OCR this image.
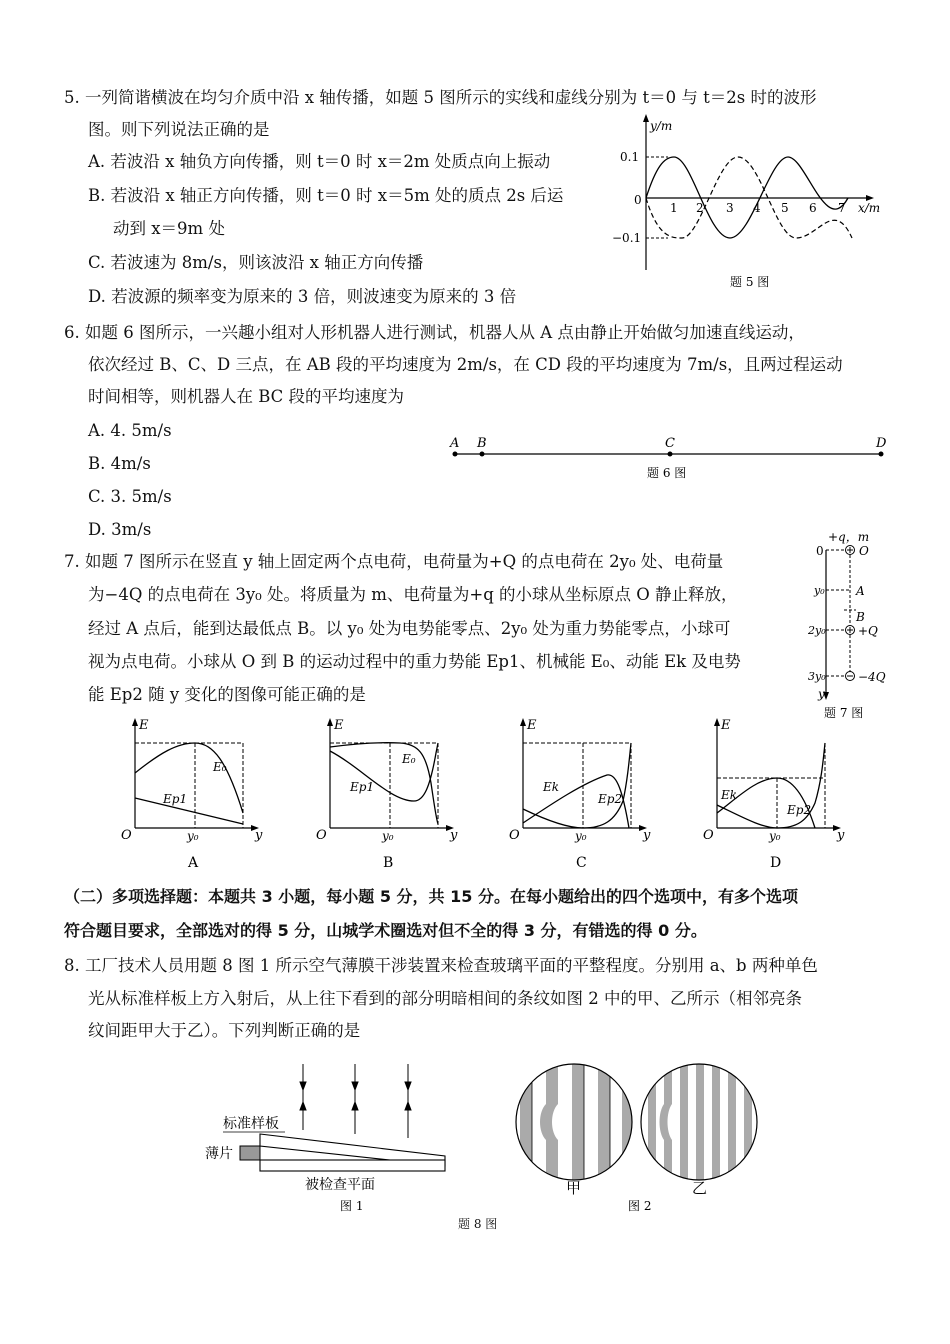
5. 一列简谐横波在均匀介质中沿 x 轴传播，如题 5 图所示的实线和虚线分别为 t＝0 与 t＝2s 时的波形
图。则下列说法正确的是
A. 若波沿 x 轴负方向传播，则 t＝0 时 x＝2m 处质点向上振动
B. 若波沿 x 轴正方向传播，则 t＝0 时 x＝5m 处的质点 2s 后运
动到 x＝9m 处
C. 若波速为 8m/s，则该波沿 x 轴正方向传播
D. 若波源的频率变为原来的 3 倍，则波速变为原来的 3 倍
y/m
x/m
0
0.1
−0.1
1 2 3 4 5 6 7
题 5 图
6. 如题 6 图所示，一兴趣小组对人形机器人进行测试，机器人从 A 点由静止开始做匀加速直线运动，
依次经过 B、C、D 三点，在 AB 段的平均速度为 2m/s，在 CD 段的平均速度为 7m/s，且两过程运动
时间相等，则机器人在 BC 段的平均速度为
A. 4. 5m/s
B. 4m/s
C. 3. 5m/s
D. 3m/s
A B	C	D
题 6 图
7. 如题 7 图所示在竖直 y 轴上固定两个点电荷，电荷量为+Q 的点电荷在 2y₀ 处、电荷量
为−4Q 的点电荷在 3y₀ 处。将质量为 m、电荷量为+q 的小球从坐标原点 O 静止释放，
经过 A 点后，能到达最低点 B。以 y₀ 处为电势能零点、2y₀ 处为重力势能零点，小球可
视为点电荷。小球从 O 到 B 的运动过程中的重力势能 Ep1、机械能 E₀、动能 Ek 及电势
能 Ep2 随 y 变化的图像可能正确的是
+q，m
0	O
y₀	A
B
2y₀	+Q
3y₀	−4Q
y
题 7 图
E
O	y₀	y
E₀
Ep1
A
E
O	y₀	y
E₀
Ep1
B
E
O	y₀	y
Ek
Ep2
C
E
O	y₀	y
Ek
Ep2
D
（二）多项选择题：本题共 3 小题，每小题 5 分，共 15 分。在每小题给出的四个选项中，有多个选项
符合题目要求，全部选对的得 5 分，山城学术圈选对但不全的得 3 分，有错选的得 0 分。
8. 工厂技术人员用题 8 图 1 所示空气薄膜干涉装置来检查玻璃平面的平整程度。分别用 a、b 两种单色
光从标准样板上方入射后，从上往下看到的部分明暗相间的条纹如图 2 中的甲、乙所示（相邻亮条
纹间距甲大于乙）。下列判断正确的是
标准样板
薄片
被检查平面
图 1
甲	乙
图 2
题 8 图
